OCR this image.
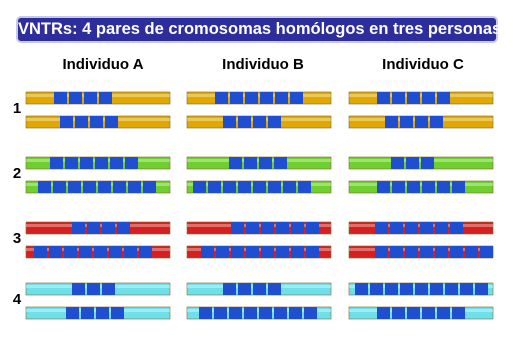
VNTRs: 4 pares de cromosomas homólogos en tres personas
Individuo A	Individuo B	Individuo C
1
2
3
4
